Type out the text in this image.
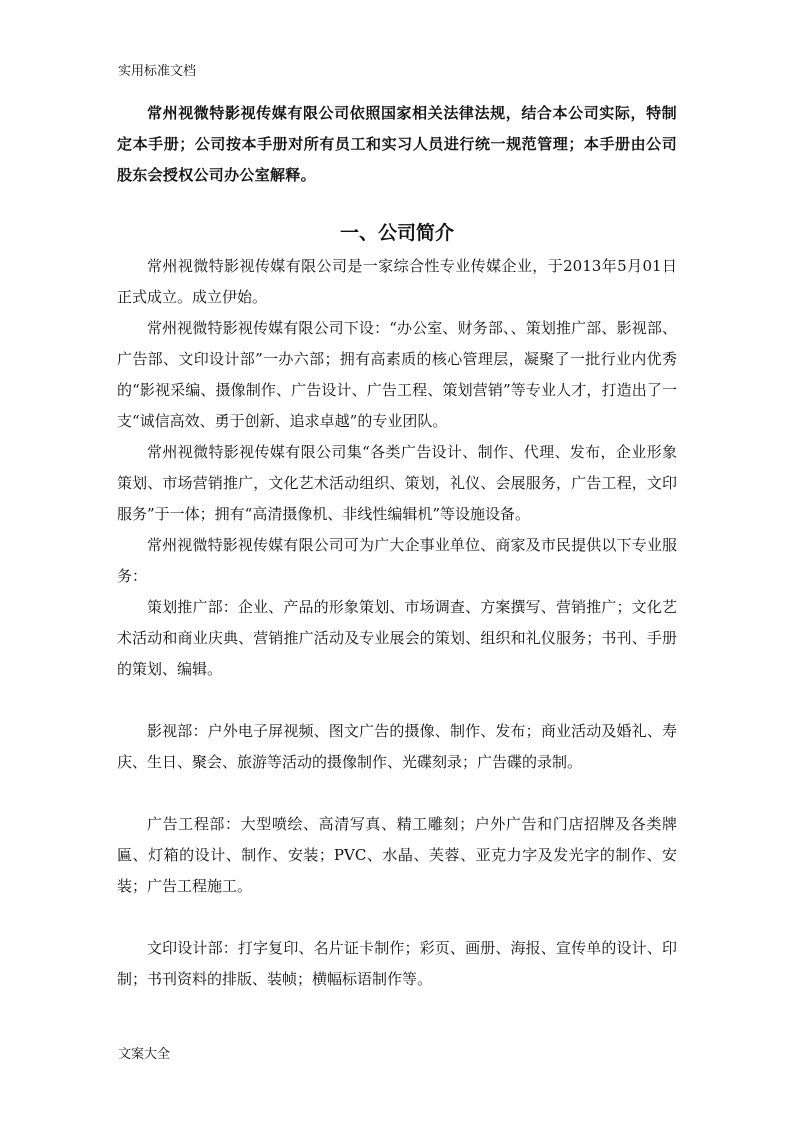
实用标准文档

常州视微特影视传媒有限公司依照国家相关法律法规，结合本公司实际，特制定本手册；公司按本手册对所有员工和实习人员进行统一规范管理；本手册由公司股东会授权公司办公室解释。

一、公司简介

常州视微特影视传媒有限公司是一家综合性专业传媒企业，于2013年5月01日正式成立。成立伊始。

常州视微特影视传媒有限公司下设：“办公室、财务部、、策划推广部、影视部、广告部、文印设计部”一办六部；拥有高素质的核心管理层，凝聚了一批行业内优秀的“影视采编、摄像制作、广告设计、广告工程、策划营销”等专业人才，打造出了一支“诚信高效、勇于创新、追求卓越”的专业团队。

常州视微特影视传媒有限公司集“各类广告设计、制作、代理、发布，企业形象策划、市场营销推广，文化艺术活动组织、策划，礼仪、会展服务，广告工程，文印服务”于一体；拥有“高清摄像机、非线性编辑机”等设施设备。

常州视微特影视传媒有限公司可为广大企事业单位、商家及市民提供以下专业服务：

策划推广部：企业、产品的形象策划、市场调查、方案撰写、营销推广；文化艺术活动和商业庆典、营销推广活动及专业展会的策划、组织和礼仪服务；书刊、手册的策划、编辑。

影视部：户外电子屏视频、图文广告的摄像、制作、发布；商业活动及婚礼、寿庆、生日、聚会、旅游等活动的摄像制作、光碟刻录；广告碟的录制。

广告工程部：大型喷绘、高清写真、精工雕刻；户外广告和门店招牌及各类牌匾、灯箱的设计、制作、安装；PVC、水晶、芙蓉、亚克力字及发光字的制作、安装；广告工程施工。

文印设计部：打字复印、名片证卡制作；彩页、画册、海报、宣传单的设计、印制；书刊资料的排版、装帧；横幅标语制作等。

文案大全
